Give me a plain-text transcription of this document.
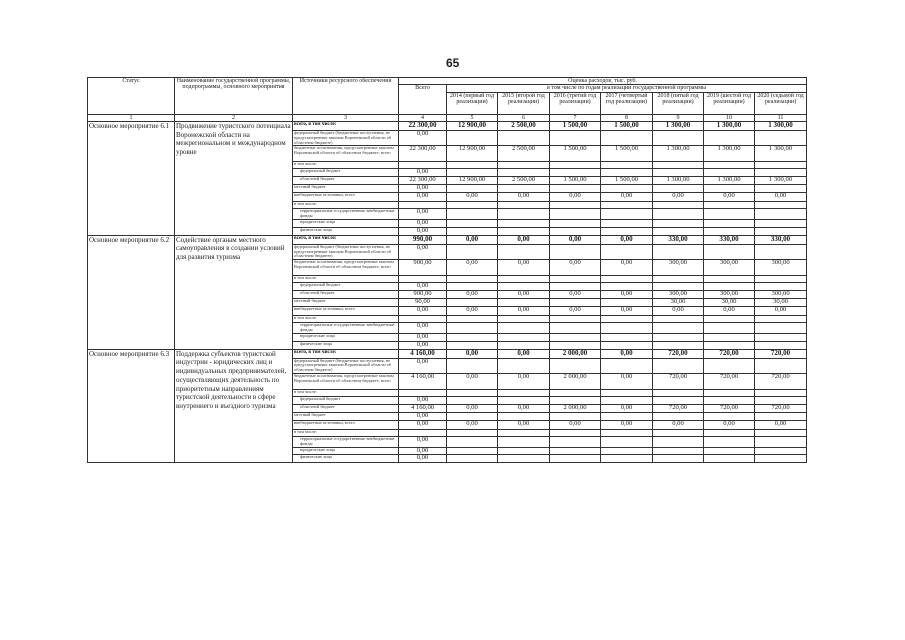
65
Статус	Наименование государственной программы, подпрограммы, основного мероприятия	Источники ресурсного обеспечения	Оценка расходов, тыс. руб.							
			Всего	в том числе по годам реализации государственной программы						
				2014 (первый год реализации)	2015 (второй год реализации)	2016 (третий год реализации)	2017 (четвертый год реализации)	2018 (пятый год реализации)	2019 (шестой год реализации)	2020 (седьмой год реализации)
1	2	3	4	5	6	7	8	9	10	11
Основное мероприятие 6.1	Продвижение туристского потенциала Воронежской области на межрегиональном и международном уровне	всего, в том числе:	22 300,00	12 900,00	2 500,00	1 500,00	1 500,00	1 300,00	1 300,00	1 300,00
		федеральный бюджет (бюджетные поступления, не предусмотренные законом Воронежской области об областном бюджете)	0,00							
		бюджетные ассигнования, предусмотренные законом Воронежской области об областном бюджете, всего	22 300,00	12 900,00	2 500,00	1 500,00	1 500,00	1 300,00	1 300,00	1 300,00
		в том числе:								
		федеральный бюджет	0,00							
		областной бюджет	22 300,00	12 900,00	2 500,00	1 500,00	1 500,00	1 300,00	1 300,00	1 300,00
		местный бюджет	0,00							
		внебюджетные источники, всего	0,00	0,00	0,00	0,00	0,00	0,00	0,00	0,00
		в том числе:								
		территориальные государственные внебюджетные фонды	0,00							
		юридические лица	0,00							
		физические лица	0,00							
Основное мероприятие 6.2	Содействие органам местного самоуправления в создании условий для развития туризма	всего, в том числе:	990,00	0,00	0,00	0,00	0,00	330,00	330,00	330,00
		федеральный бюджет (бюджетные поступления, не предусмотренные законом Воронежской области об областном бюджете)	0,00							
		бюджетные ассигнования, предусмотренные законом Воронежской области об областном бюджете, всего	900,00	0,00	0,00	0,00	0,00	300,00	300,00	300,00
		в том числе:								
		федеральный бюджет	0,00							
		областной бюджет	900,00	0,00	0,00	0,00	0,00	300,00	300,00	300,00
		местный бюджет	90,00					30,00	30,00	30,00
		внебюджетные источники, всего	0,00	0,00	0,00	0,00	0,00	0,00	0,00	0,00
		в том числе:								
		территориальные государственные внебюджетные фонды	0,00							
		юридические лица	0,00							
		физические лица	0,00							
Основное мероприятие 6.3	Поддержка субъектов туристской индустрии - юридических лиц и индивидуальных предпринимателей, осуществляющих деятельность по приоритетным направлениям туристской деятельности в сфере внутреннего и въездного туризма	всего, в том числе:	4 160,00	0,00	0,00	2 000,00	0,00	720,00	720,00	720,00
		федеральный бюджет (бюджетные поступления, не предусмотренные законом Воронежской области об областном бюджете)	0,00							
		бюджетные ассигнования, предусмотренные законом Воронежской области об областном бюджете, всего	4 160,00	0,00	0,00	2 000,00	0,00	720,00	720,00	720,00
		в том числе:								
		федеральный бюджет	0,00							
		областной бюджет	4 160,00	0,00	0,00	2 000,00	0,00	720,00	720,00	720,00
		местный бюджет	0,00							
		внебюджетные источники, всего	0,00	0,00	0,00	0,00	0,00	0,00	0,00	0,00
		в том числе:								
		территориальные государственные внебюджетные фонды	0,00							
		юридические лица	0,00							
		физические лица	0,00							
